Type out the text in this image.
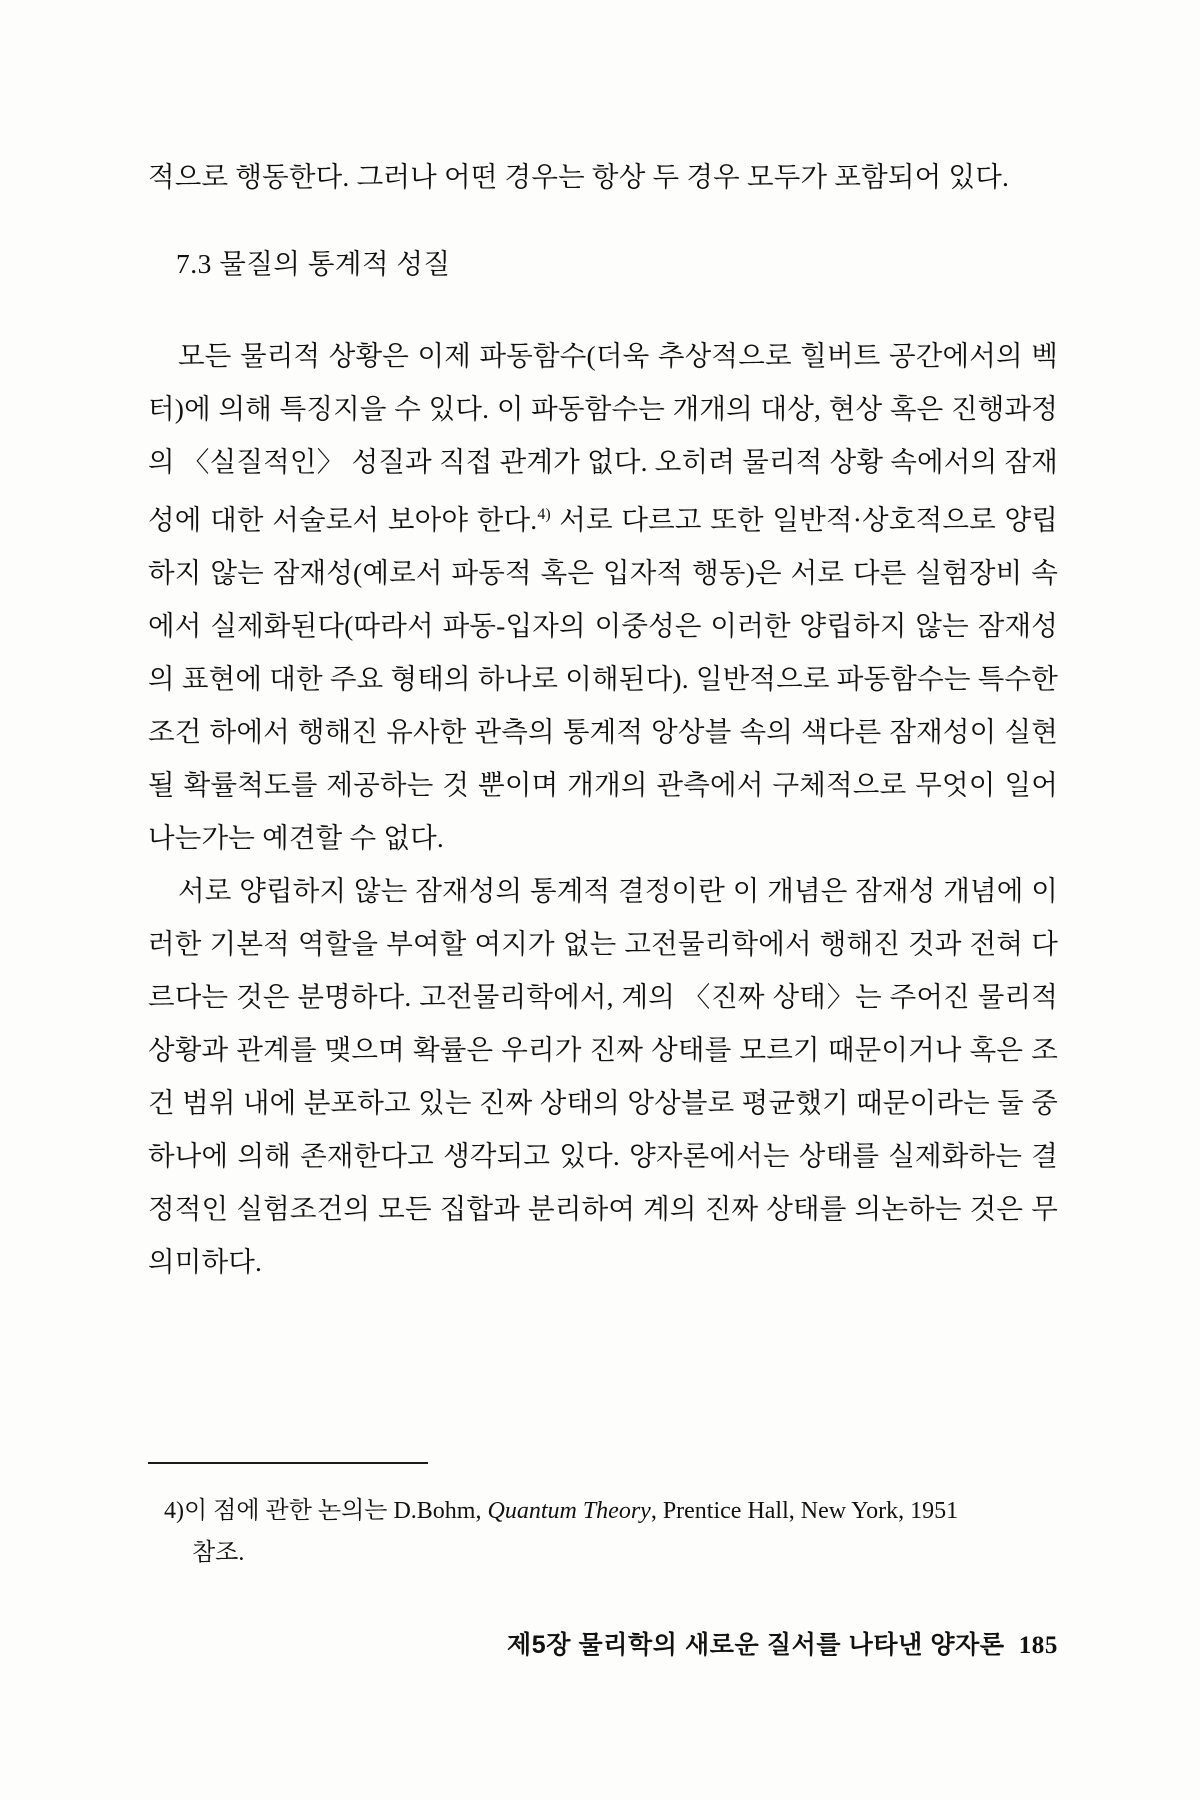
적으로 행동한다. 그러나 어떤 경우는 항상 두 경우 모두가 포함되어 있다.

7.3 물질의 통계적 성질

모든 물리적 상황은 이제 파동함수(더욱 추상적으로 힐버트 공간에서의 벡터)에 의해 특징지을 수 있다. 이 파동함수는 개개의 대상, 현상 혹은 진행과정의 〈실질적인〉 성질과 직접 관계가 없다. 오히려 물리적 상황 속에서의 잠재성에 대한 서술로서 보아야 한다.$^{4)}$ 서로 다르고 또한 일반적·상호적으로 양립하지 않는 잠재성(예로서 파동적 혹은 입자적 행동)은 서로 다른 실험장비 속에서 실제화된다(따라서 파동-입자의 이중성은 이러한 양립하지 않는 잠재성의 표현에 대한 주요 형태의 하나로 이해된다). 일반적으로 파동함수는 특수한 조건 하에서 행해진 유사한 관측의 통계적 앙상블 속의 색다른 잠재성이 실현될 확률척도를 제공하는 것 뿐이며 개개의 관측에서 구체적으로 무엇이 일어나는가는 예견할 수 없다.

서로 양립하지 않는 잠재성의 통계적 결정이란 이 개념은 잠재성 개념에 이러한 기본적 역할을 부여할 여지가 없는 고전물리학에서 행해진 것과 전혀 다르다는 것은 분명하다. 고전물리학에서, 계의 〈진짜 상태〉는 주어진 물리적 상황과 관계를 맺으며 확률은 우리가 진짜 상태를 모르기 때문이거나 혹은 조건 범위 내에 분포하고 있는 진짜 상태의 앙상블로 평균했기 때문이라는 둘 중 하나에 의해 존재한다고 생각되고 있다. 양자론에서는 상태를 실제화하는 결정적인 실험조건의 모든 집합과 분리하여 계의 진짜 상태를 의논하는 것은 무의미하다.

4)이 점에 관한 논의는 D.Bohm, Quantum Theory, Prentice Hall, New York, 1951

참조.

제5장 물리학의 새로운 질서를 나타낸 양자론 185
